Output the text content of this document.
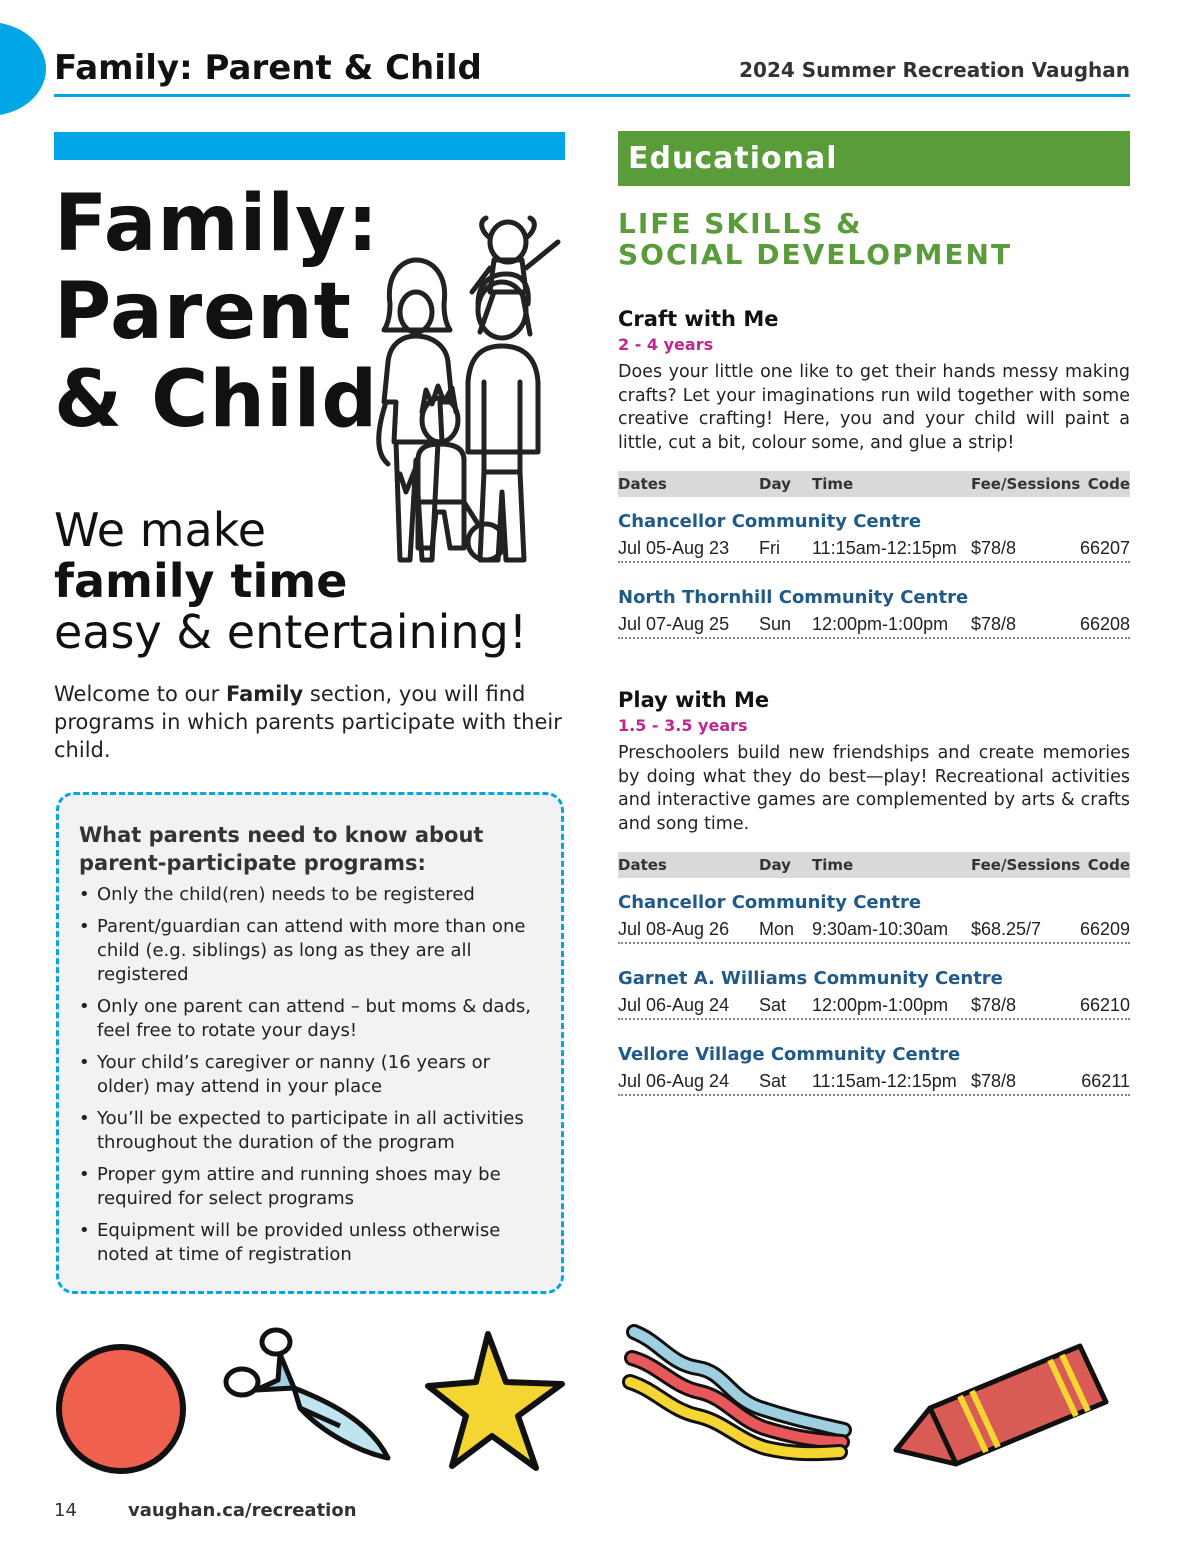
Family: Parent & Child	2024 Summer Recreation Vaughan
Family:
Parent
& Child
We make
family time
easy & entertaining!
Welcome to our Family section, you will find programs in which parents participate with their child.
What parents need to know about parent-participate programs:
• Only the child(ren) needs to be registered
• Parent/guardian can attend with more than one child (e.g. siblings) as long as they are all registered
• Only one parent can attend – but moms & dads, feel free to rotate your days!
• Your child’s caregiver or nanny (16 years or older) may attend in your place
• You’ll be expected to participate in all activities throughout the duration of the program
• Proper gym attire and running shoes may be required for select programs
• Equipment will be provided unless otherwise noted at time of registration
Educational
LIFE SKILLS &
SOCIAL DEVELOPMENT
Craft with Me
2 - 4 years
Does your little one like to get their hands messy making crafts? Let your imaginations run wild together with some creative crafting! Here, you and your child will paint a little, cut a bit, colour some, and glue a strip!
Dates	Day	Time	Fee/Sessions Code
Chancellor Community Centre
Jul 05-Aug 23	Fri	11:15am-12:15pm $78/8	66207
North Thornhill Community Centre
Jul 07-Aug 25	Sun	12:00pm-1:00pm	$78/8	66208
Play with Me
1.5 - 3.5 years
Preschoolers build new friendships and create memories by doing what they do best—play! Recreational activities and interactive games are complemented by arts & crafts and song time.
Dates	Day	Time	Fee/Sessions Code
Chancellor Community Centre
Jul 08-Aug 26	Mon 9:30am-10:30am	$68.25/7	66209
Garnet A. Williams Community Centre
Jul 06-Aug 24	Sat	12:00pm-1:00pm	$78/8	66210
Vellore Village Community Centre
Jul 06-Aug 24	Sat	11:15am-12:15pm $78/8	66211
14	vaughan.ca/recreation
